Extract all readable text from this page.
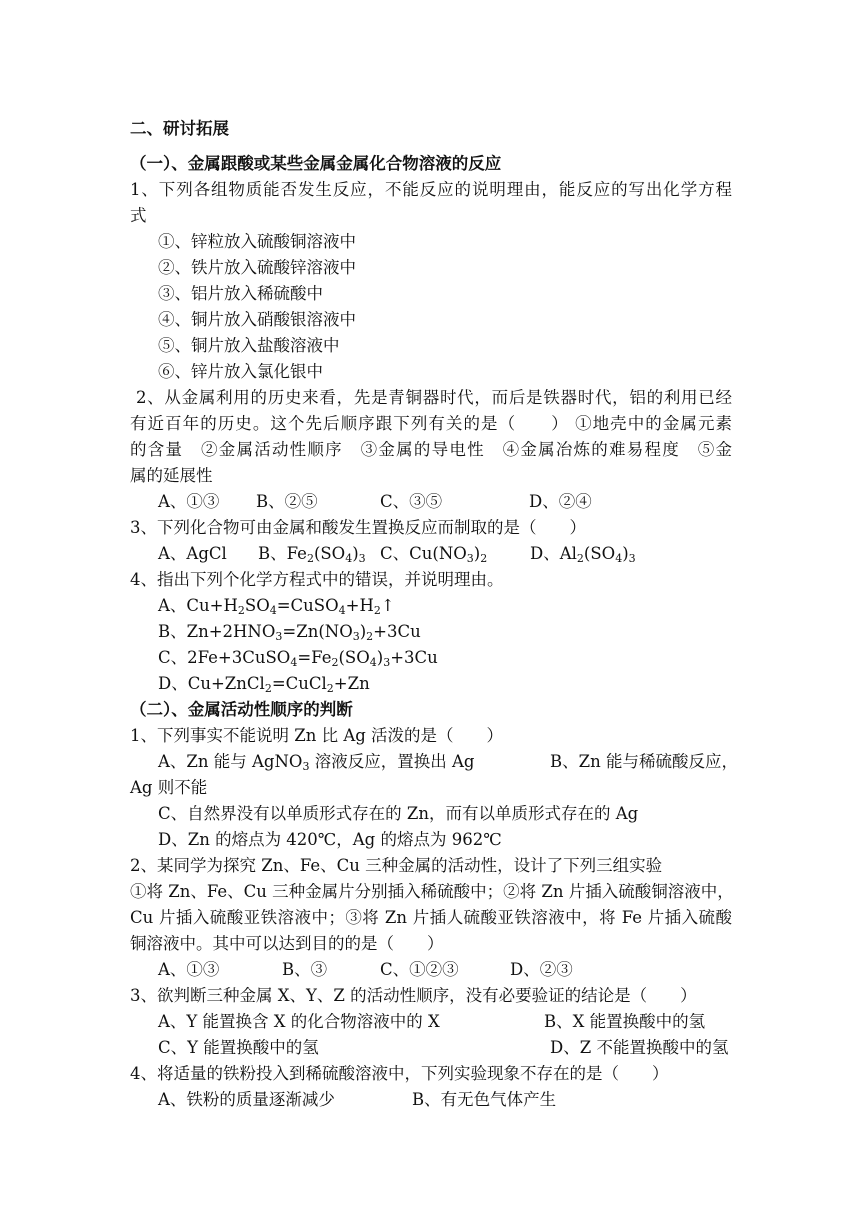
二、研讨拓展
（一）、金属跟酸或某些金属金属化合物溶液的反应
1、下列各组物质能否发生反应，不能反应的说明理由，能反应的写出化学方程
式
①、锌粒放入硫酸铜溶液中
②、铁片放入硫酸锌溶液中
③、铝片放入稀硫酸中
④、铜片放入硝酸银溶液中
⑤、铜片放入盐酸溶液中
⑥、锌片放入氯化银中
2、从金属利用的历史来看，先是青铜器时代，而后是铁器时代，铝的利用已经
有近百年的历史。这个先后顺序跟下列有关的是（　　） ①地壳中的金属元素
的含量　②金属活动性顺序　③金属的导电性　④金属冶炼的难易程度　⑤金
属的延展性
A、①③ B、②⑤	C、③⑤	D、②④
3、下列化合物可由金属和酸发生置换反应而制取的是（　　）
A、AgCl B、$Fe_2(SO_4)_3$ C、$Cu(NO_3)_2$	D、$Al_2(SO_4)_3$
4、指出下列个化学方程式中的错误，并说明理由。
A、$Cu+H_2SO_4=CuSO_4+H_2↑$
B、$Zn+2HNO_3=Zn(NO_3)_2+3Cu$
C、$2Fe+3CuSO_4=Fe_2(SO_4)_3+3Cu$
D、Cu+ZnCl$_2$=CuCl$_2$+Zn
（二）、金属活动性顺序的判断
1、下列事实不能说明 Zn 比 Ag 活泼的是（　　）
A、Zn 能与 AgNO$_3$ 溶液反应，置换出 Ag	B、Zn 能与稀硫酸反应，
Ag 则不能
C、自然界没有以单质形式存在的 Zn，而有以单质形式存在的 Ag
D、Zn 的熔点为 420℃，Ag 的熔点为 962℃
2、某同学为探究 Zn、Fe、Cu 三种金属的活动性，设计了下列三组实验
①将 Zn、Fe、Cu 三种金属片分别插入稀硫酸中；②将 Zn 片插入硫酸铜溶液中，
Cu 片插入硫酸亚铁溶液中；③将 Zn 片插人硫酸亚铁溶液中，将 Fe 片插入硫酸
铜溶液中。其中可以达到目的的是（　　）
A、①③	B、③	C、①②③	D、②③
3、欲判断三种金属 X、Y、Z 的活动性顺序，没有必要验证的结论是（　　）
A、Y 能置换含 X 的化合物溶液中的 X	B、X 能置换酸中的氢
C、Y 能置换酸中的氢	D、Z 不能置换酸中的氢
4、将适量的铁粉投入到稀硫酸溶液中，下列实验现象不存在的是（　　）
A、铁粉的质量逐渐减少	B、有无色气体产生
